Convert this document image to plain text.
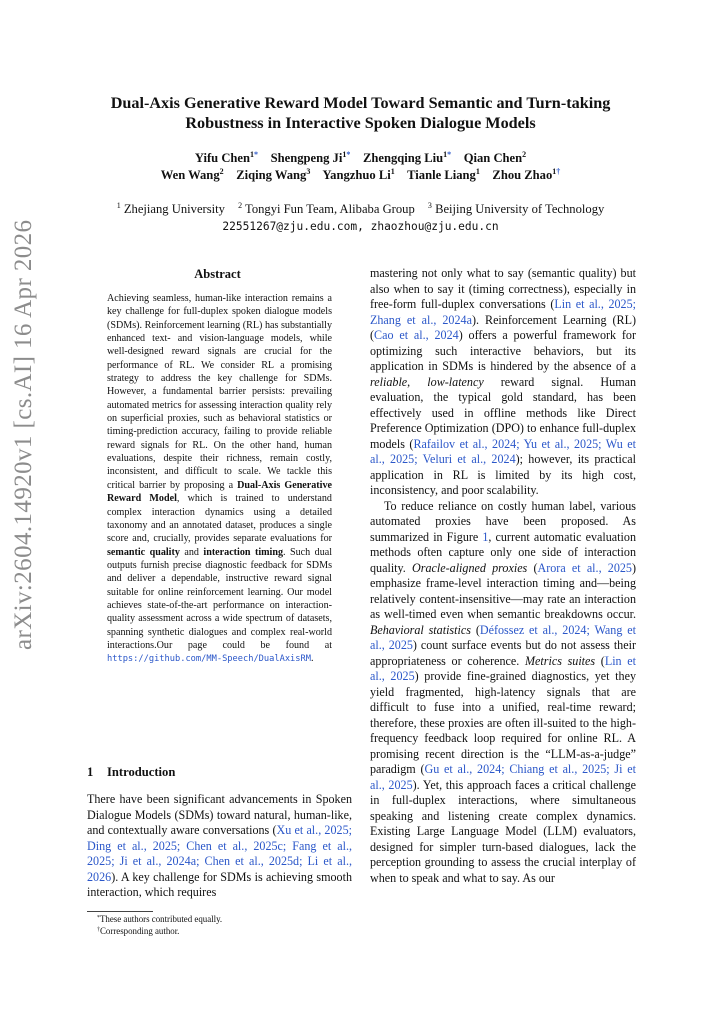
Dual-Axis Generative Reward Model Toward Semantic and Turn-taking
Robustness in Interactive Spoken Dialogue Models
Yifu Chen$^{1*}$ Shengpeng $Ji^{1*}$ Zhengqing Liu$^{1*}$ Qian Chen$^2$
Wen Wang$^2$ Ziqing Wang$^3$ Yangzhuo Li$^1$ Tianle Liang$^1$ Zhou Zhao$^{1\dagger}$
$^1$ Zhejiang University $^2$ Tongyi Fun Team, Alibaba Group $^3$ Beijing University of Technology
22551267@zju.edu.com, zhaozhou@zju.edu.cn
arXiv:2604.14920v1 [cs.AI] 16 Apr 2026	Abstract
Achieving seamless, human-like interaction remains a key challenge for full-duplex spoken dialogue models (SDMs). Reinforcement learning (RL) has substantially enhanced text- and vision-language models, while well-designed reward signals are crucial for the performance of RL. We consider RL a promising strategy to address the key challenge for SDMs. However, a fundamental barrier persists: prevailing automated metrics for assessing interaction quality rely on superficial proxies, such as behavioral statistics or timing-prediction accuracy, failing to provide reliable reward signals for RL. On the other hand, human evaluations, despite their richness, remain costly, inconsistent, and difficult to scale. We tackle this critical barrier by proposing a Dual-Axis Generative Reward Model, which is trained to understand complex interaction dynamics using a detailed taxonomy and an annotated dataset, produces a single score and, crucially, provides separate evaluations for semantic quality and interaction timing. Such dual outputs furnish precise diagnostic feedback for SDMs and deliver a dependable, instructive reward signal suitable for online reinforcement learning. Our model achieves state-of-the-art performance on interaction-quality assessment across a wide spectrum of datasets, spanning synthetic dialogues and complex real-world interactions.Our page could be found at https://github.com/MM-Speech/DualAxisRM.
1 Introduction
There have been significant advancements in Spoken Dialogue Models (SDMs) toward natural, human-like, and contextually aware conversations (Xu et al., 2025; Ding et al., 2025; Chen et al., 2025c; Fang et al., 2025; Ji et al., 2024a; Chen et al., 2025d; Li et al., 2026). A key challenge for SDMs is achieving smooth interaction, which requires
*These authors contributed equally.
†Corresponding author.

mastering not only what to say (semantic quality) but also when to say it (timing correctness), especially in free-form full-duplex conversations (Lin et al., 2025; Zhang et al., 2024a). Reinforcement Learning (RL) (Cao et al., 2024) offers a powerful framework for optimizing such interactive behaviors, but its application in SDMs is hindered by the absence of a reliable, low-latency reward signal. Human evaluation, the typical gold standard, has been effectively used in offline methods like Direct Preference Optimization (DPO) to enhance full-duplex models (Rafailov et al., 2024; Yu et al., 2025; Wu et al., 2025; Veluri et al., 2024); however, its practical application in RL is limited by its high cost, inconsistency, and poor scalability.

To reduce reliance on costly human label, various automated proxies have been proposed. As summarized in Figure 1, current automatic evaluation methods often capture only one side of interaction quality. Oracle-aligned proxies (Arora et al., 2025) emphasize frame-level interaction timing and—being relatively content-insensitive—may rate an interaction as well-timed even when semantic breakdowns occur. Behavioral statistics (Défossez et al., 2024; Wang et al., 2025) count surface events but do not assess their appropriateness or coherence. Metrics suites (Lin et al., 2025) provide fine-grained diagnostics, yet they yield fragmented, high-latency signals that are difficult to fuse into a unified, real-time reward; therefore, these proxies are often ill-suited to the high-frequency feedback loop required for online RL. A promising recent direction is the “LLM-as-a-judge” paradigm (Gu et al., 2024; Chiang et al., 2025; Ji et al., 2025). Yet, this approach faces a critical challenge in full-duplex interactions, where simultaneous speaking and listening create complex dynamics. Existing Large Language Model (LLM) evaluators, designed for simpler turn-based dialogues, lack the perception grounding to assess the crucial interplay of when to speak and what to say. As our
